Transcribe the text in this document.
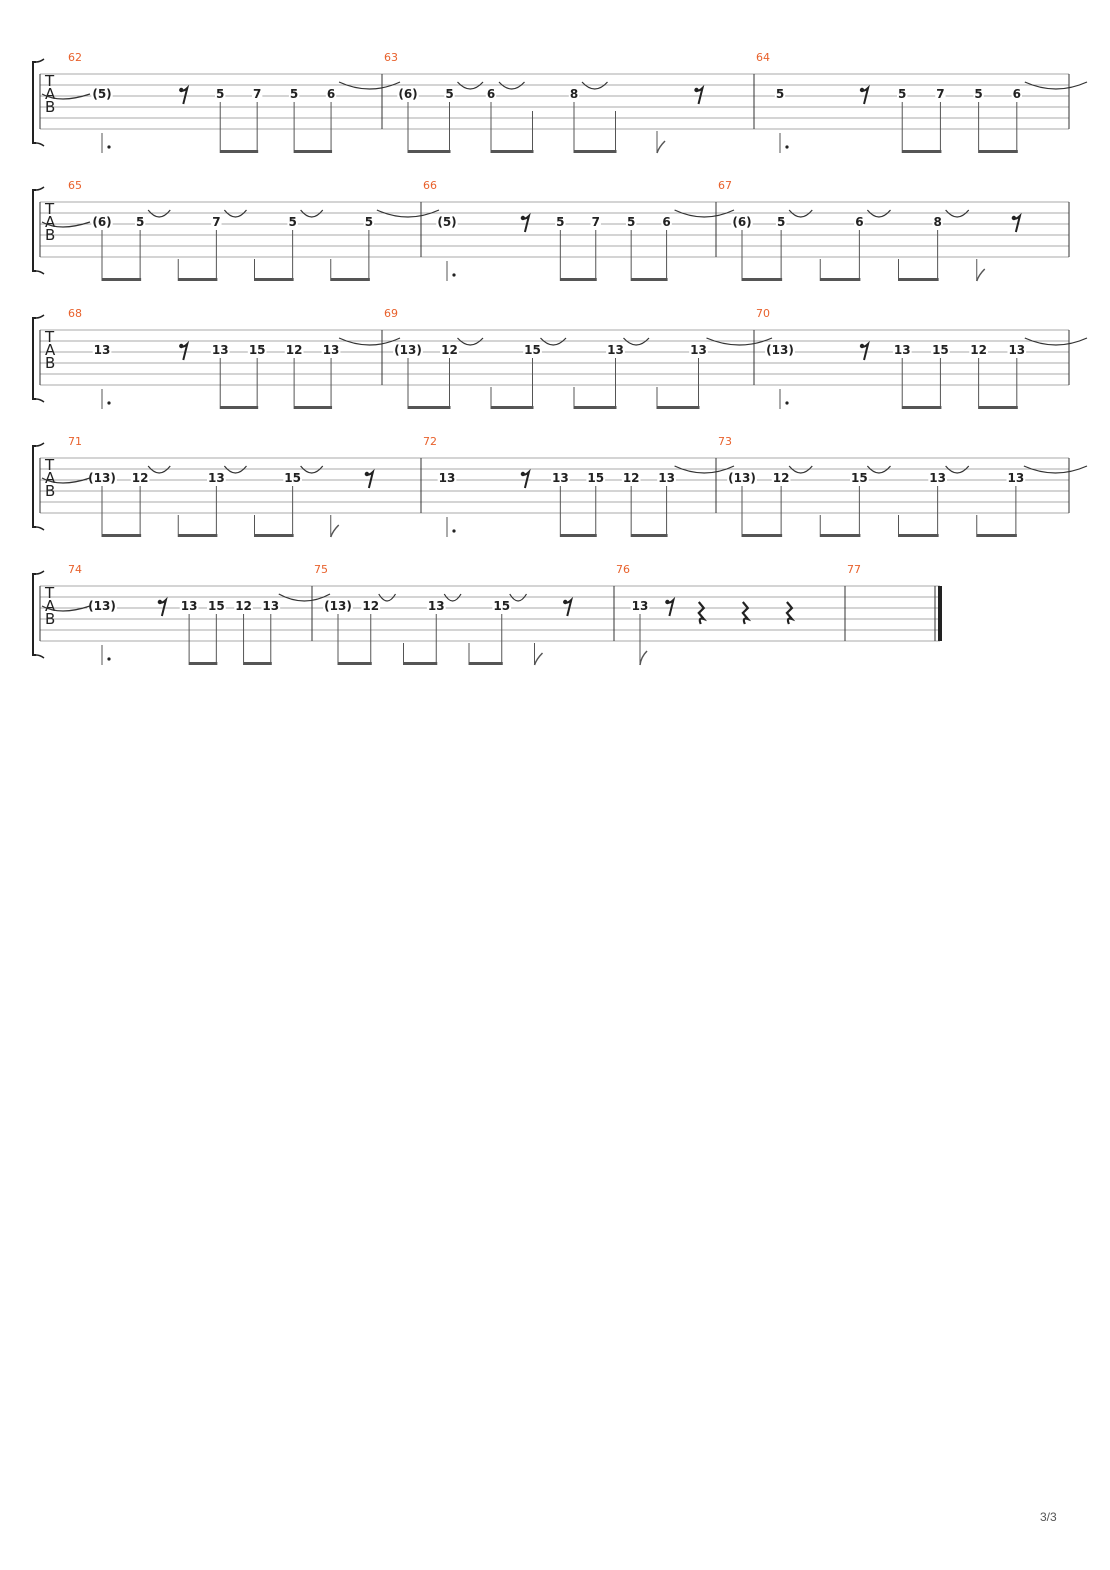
T
A
B
62
(5)	5 7 5 6
63
(6) 5	6	8
64
5	5 7 5 6
T
A
B
65
(6) 5	7	5	5
66
(5)	5 7 5 6
67
(6) 5	6	8
T
A
B
68
13	13 15 12 13
69
(13) 12	15	13	13
70
(13)	13 15 12 13
T
A
B
71
(13) 12	13	15
72
13	13 15 12 13
73
(13) 12	15	13	13
T
A
B
74
(13)	13 15 12 13
75
(13) 12	13	15
76
13
77
3/3
